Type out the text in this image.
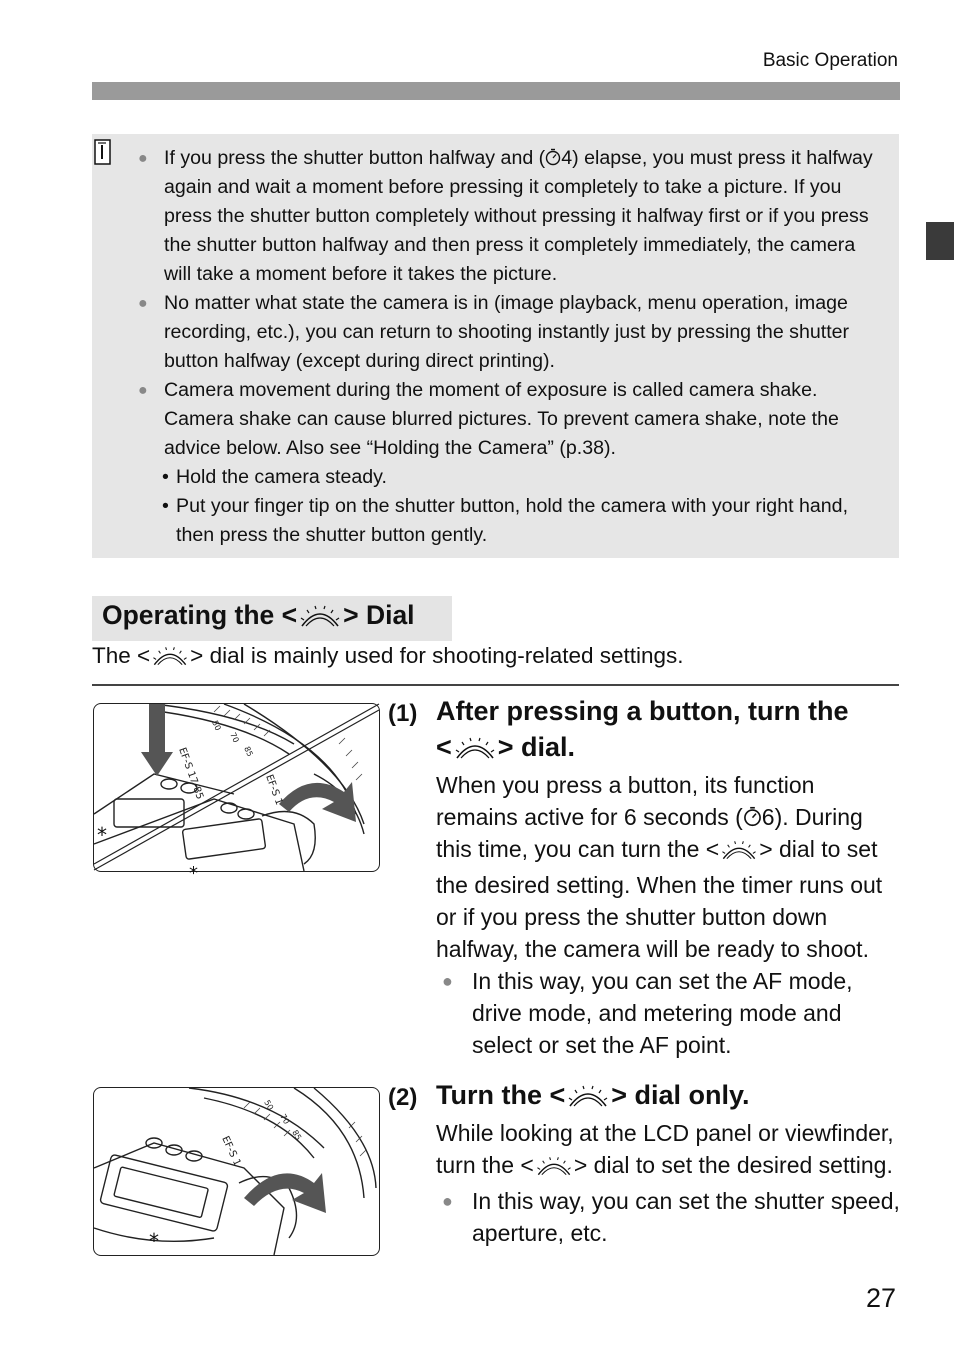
Basic Operation
● If you press the shutter button halfway and ( 4) elapse, you must press it halfway again and wait a moment before pressing it completely to take a picture. If you press the shutter button completely without pressing it halfway first or if you press the shutter button halfway and then press it completely immediately, the camera will take a moment before it takes the picture.
● No matter what state the camera is in (image playback, menu operation, image recording, etc.), you can return to shooting instantly just by pressing the shutter button halfway (except during direct printing).
● Camera movement during the moment of exposure is called camera shake. Camera shake can cause blurred pictures. To prevent camera shake, note the advice below. Also see “Holding the Camera” (p.38).
• Hold the camera steady.
• Put your finger tip on the shutter button, hold the camera with your right hand, then press the shutter button gently.
Operating the < > Dial
The < > dial is mainly used for shooting-related settings.
*
*
EF-S 17-85	EF-S 1
50
70
85
(1) After pressing a button, turn the
< > dial.
When you press a button, its function remains active for 6 seconds ( 6). During this time, you can turn the < > dial to set the desired setting. When the timer runs out or if you press the shutter button down halfway, the camera will be ready to shoot.
● In this way, you can set the AF mode, drive mode, and metering mode and select or set the AF point.
*
EF-S 1
50
70
85
(2) Turn the < > dial only.
While looking at the LCD panel or viewfinder, turn the < > dial to set the desired setting.
● In this way, you can set the shutter speed, aperture, etc.
27
